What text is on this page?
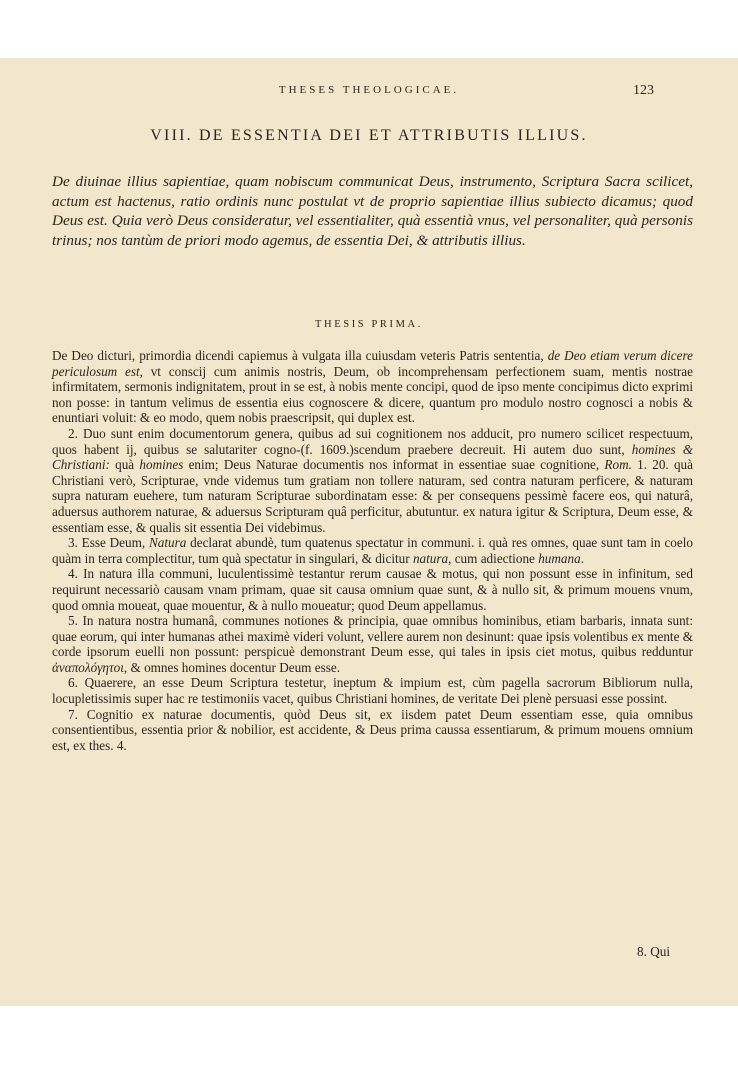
THESES THEOLOGICAE.	123
VIII. DE ESSENTIA DEI ET ATTRIBUTIS ILLIUS.

De diuinae illius sapientiae, quam nobiscum communicat Deus, instrumento, Scriptura Sacra scilicet, actum est hactenus, ratio ordinis nunc postulat vt de proprio sapientiae illius subiecto dicamus; quod Deus est. Quia verò Deus consideratur, vel essentialiter, quà essentià vnus, vel personaliter, quà personis trinus; nos tantùm de priori modo agemus, de essentia Dei, & attributis illius.

THESIS PRIMA.

De Deo dicturi, primordia dicendi capiemus à vulgata illa cuiusdam veteris Patris sententia, de Deo etiam verum dicere periculosum est, vt conscij cum animis nostris, Deum, ob incomprehensam perfectionem suam, mentis nostrae infirmitatem, sermonis indignitatem, prout in se est, à nobis mente concipi, quod de ipso mente concipimus dicto exprimi non posse: in tantum velimus de essentia eius cognoscere & dicere, quantum pro modulo nostro cognosci a nobis & enuntiari voluit: & eo modo, quem nobis praescripsit, qui duplex est.

2. Duo sunt enim documentorum genera, quibus ad sui cognitionem nos adducit, pro numero scilicet respectuum, quos habent ij, quibus se salutariter cogno-(f. 1609.)scendum praebere decreuit. Hi autem duo sunt, homines & Christiani: quà homines enim; Deus Naturae documentis nos informat in essentiae suae cognitione, Rom. 1. 20. quà Christiani verò, Scripturae, vnde videmus tum gratiam non tollere naturam, sed contra naturam perficere, & naturam supra naturam euehere, tum naturam Scripturae subordinatam esse: & per consequens pessimè facere eos, qui naturâ, aduersus authorem naturae, & aduersus Scripturam quâ perficitur, abutuntur. ex natura igitur & Scriptura, Deum esse, & essentiam esse, & qualis sit essentia Dei videbimus.

3. Esse Deum, Natura declarat abundè, tum quatenus spectatur in communi. i. quà res omnes, quae sunt tam in coelo quàm in terra complectitur, tum quà spectatur in singulari, & dicitur natura, cum adiectione humana.

4. In natura illa communi, luculentissimè testantur rerum causae & motus, qui non possunt esse in infinitum, sed requirunt necessariò causam vnam primam, quae sit causa omnium quae sunt, & à nullo sit, & primum mouens vnum, quod omnia moueat, quae mouentur, & à nullo moueatur; quod Deum appellamus.

5. In natura nostra humanâ, communes notiones & principia, quae omnibus hominibus, etiam barbaris, innata sunt: quae eorum, qui inter humanas athei maximè videri volunt, vellere aurem non desinunt: quae ipsis volentibus ex mente & corde ipsorum euelli non possunt: perspicuè demonstrant Deum esse, qui tales in ipsis ciet motus, quibus redduntur ἀναπολόγητοι, & omnes homines docentur Deum esse.

6. Quaerere, an esse Deum Scriptura testetur, ineptum & impium est, cùm pagella sacrorum Bibliorum nulla, locupletissimis super hac re testimoniis vacet, quibus Christiani homines, de veritate Dei plenè persuasi esse possint.

7. Cognitio ex naturae documentis, quòd Deus sit, ex iisdem patet Deum essentiam esse, quia omnibus consentientibus, essentia prior & nobilior, est accidente, & Deus prima caussa essentiarum, & primum mouens omnium est, ex thes. 4.

8. Qui
